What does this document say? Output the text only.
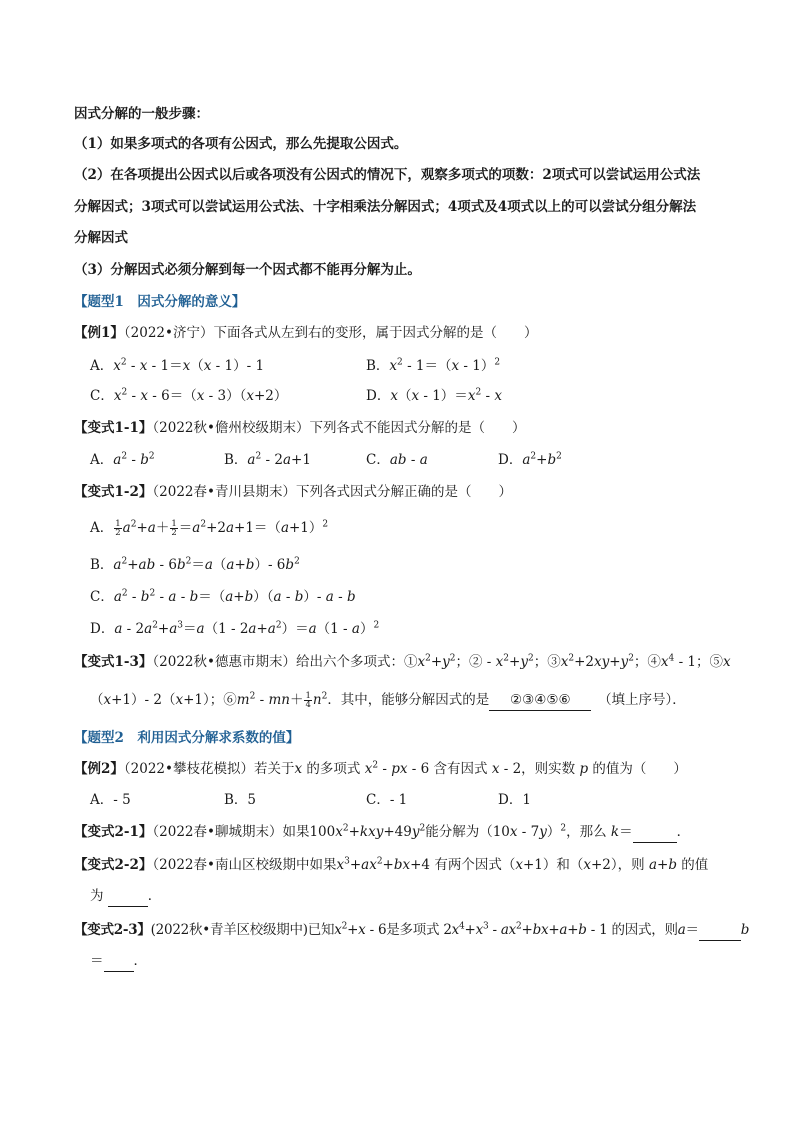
因式分解的一般步骤：
（1）如果多项式的各项有公因式，那么先提取公因式。
（2）在各项提出公因式以后或各项没有公因式的情况下，观察多项式的项数：2项式可以尝试运用公式法
分解因式；3项式可以尝试运用公式法、十字相乘法分解因式；4项式及4项式以上的可以尝试分组分解法
分解因式
（3）分解因式必须分解到每一个因式都不能再分解为止。
【题型1　因式分解的意义】
【例1】（2022•济宁）下面各式从左到右的变形，属于因式分解的是（　　）
A．$x^2 - x - 1=x(x - 1)-$ 1	B．$x^2 - 1=(x - 1)^2$
C．$x^2 - x - 6=(x - 3)(x+2)$	D．$x(x - 1)=x^2 - x$
【变式1-1】（2022秋•儋州校级期末）下列各式不能因式分解的是（　　）
A．$a^2 - b^2$	B．$a^2 - 2a+1$	C．ab - a	D．$a^2+b^2$
【变式1-2】（2022春•青川县期末）下列各式因式分解正确的是（　　）
A． $\frac{1}{2} a^2+a+ \frac{1}{2} =a^2+2a+1=(a+1)^2$
B．$a^2+ab - 6b^2=a(a+b)-$ $6b^2$
C．$a^2 - b^2 - a - b=(a+b)(a - b)-$ a - b
D．$a - 2a^2+a^3=a(1 - 2a+a^2)=a(1 - a)^2$
【变式1-3】（2022秋•德惠市期末）给出六个多项式：$①x^2+y^2$；② - $x^2+y^2$；$③x^2+2xy+y^2$；$④x^4 - 1$；⑤x
（x+1）- 2（x+1）；$⑥m^2 - mn+ \frac{1}{4} n^2$．其中，能够分解因式的是 ②③④⑤⑥　	（填上序号）．
【题型2　利用因式分解求系数的值】
【例2】（2022•攀枝花模拟）若关于x 的多项式 $x^2$ - px - 6 含有因式 x - 2，则实数 p 的值为（　　）
A．- 5	B．5	C．- 1	D．1
【变式2-1】（2022春•聊城期末）如果$100x^2+kxy+49y^2$能分解为（10x - 7y）$^2$，那么 k＝	．
【变式2-2】（2022春•南山区校级期中如果$x^3+ax^2+bx+4$ 有两个因式（x+1）和（x+2），则 a+b 的值
为	．
【变式2-3】(2022秋•青羊区校级期中)已知$x^2+x - 6$是多项式 $2x^4+x^3 - ax^2+bx+a+b - 1$ 的因式，则a＝	b
＝ ．
